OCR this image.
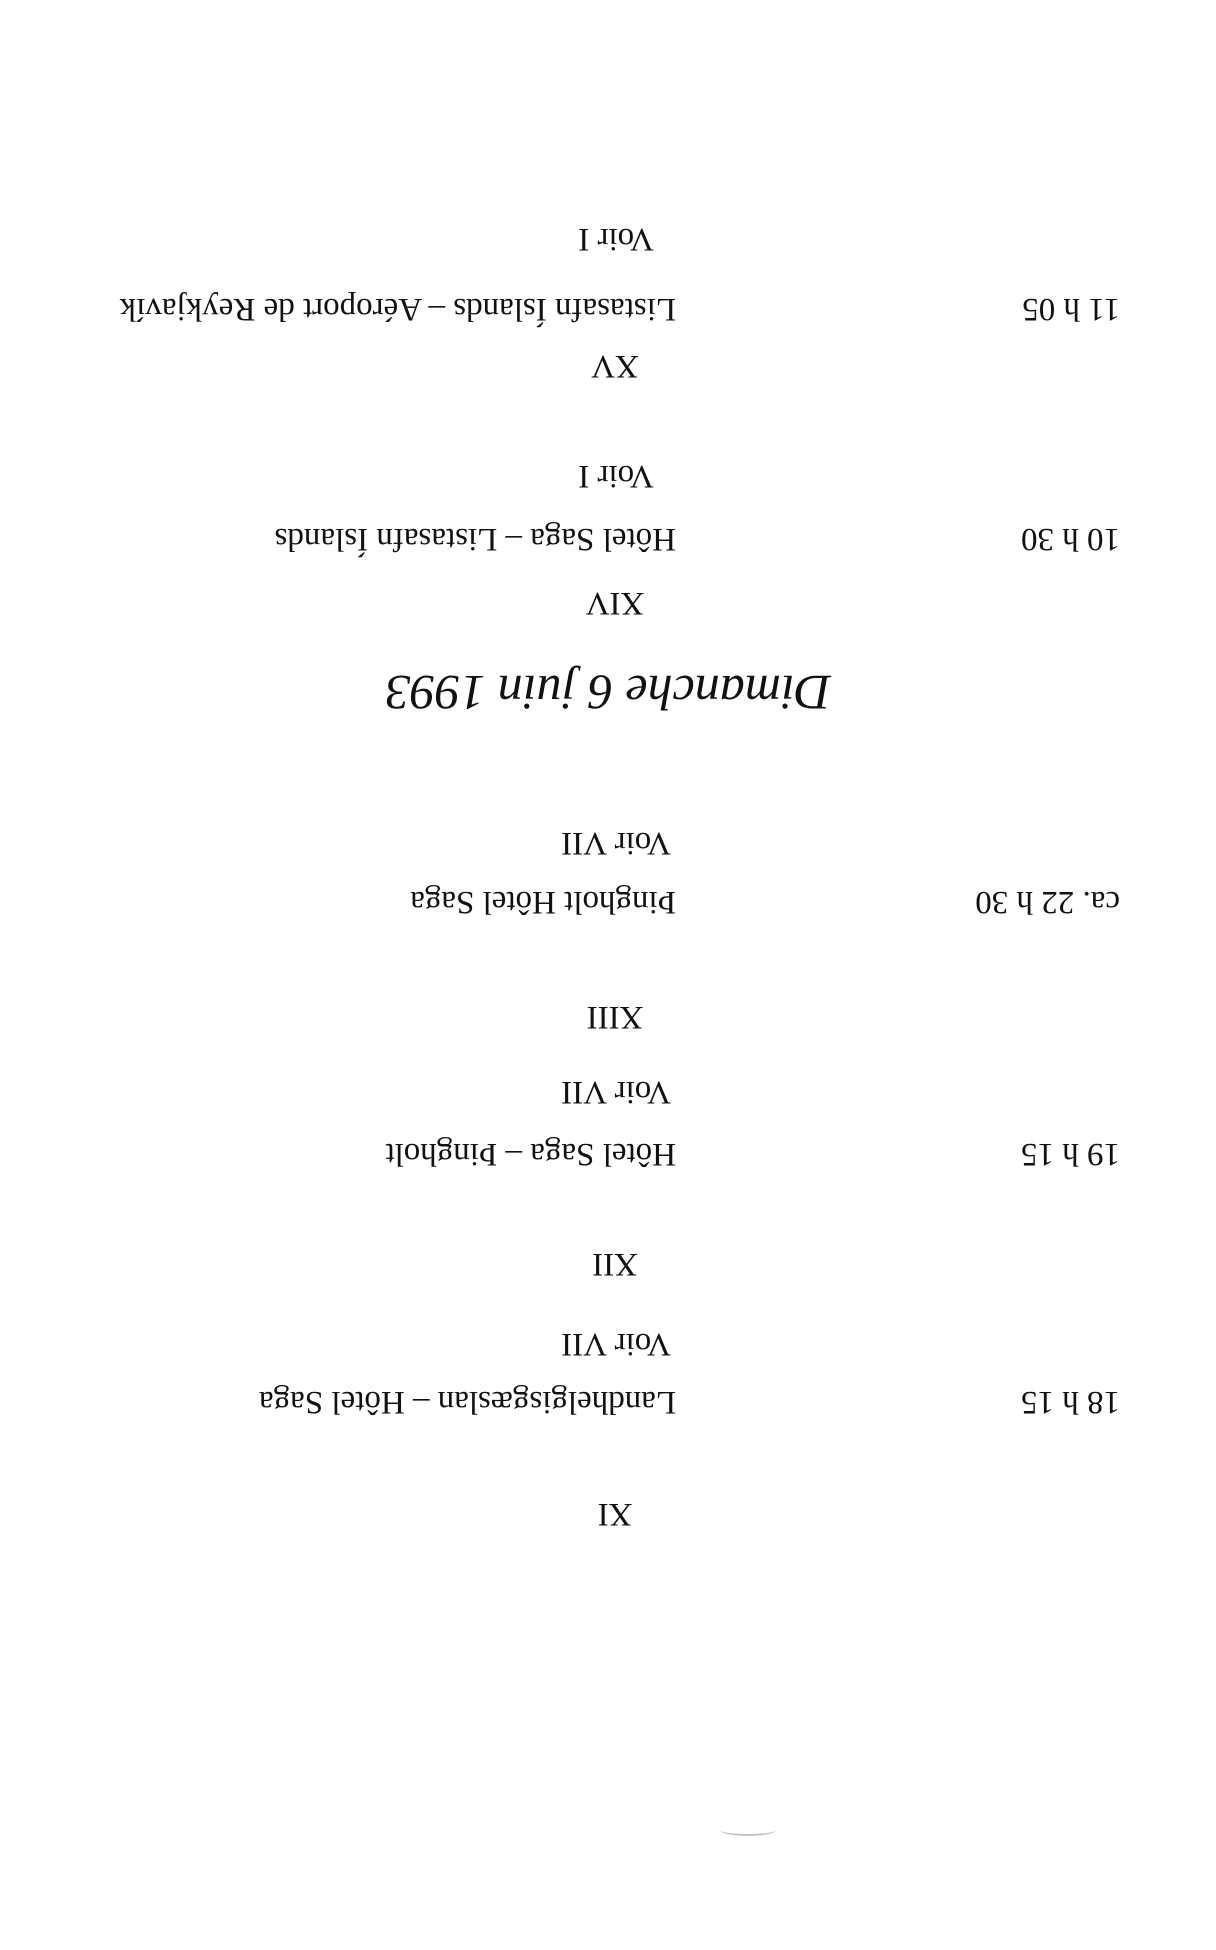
XI
18 h 15
Landhelgisgæslan – Hôtel Saga
Voir VII
XII
19 h 15
Hôtel Saga – Þingholt
Voir VII
XIII
ca. 22 h 30
Þingholt Hôtel Saga
Voir VII
Dimanche 6 juin 1993
XIV
10 h 30
Hôtel Saga – Listasafn Íslands
Voir I
XV
11 h 05
Listasafn Íslands – Aéroport de Reykjavík
Voir I
